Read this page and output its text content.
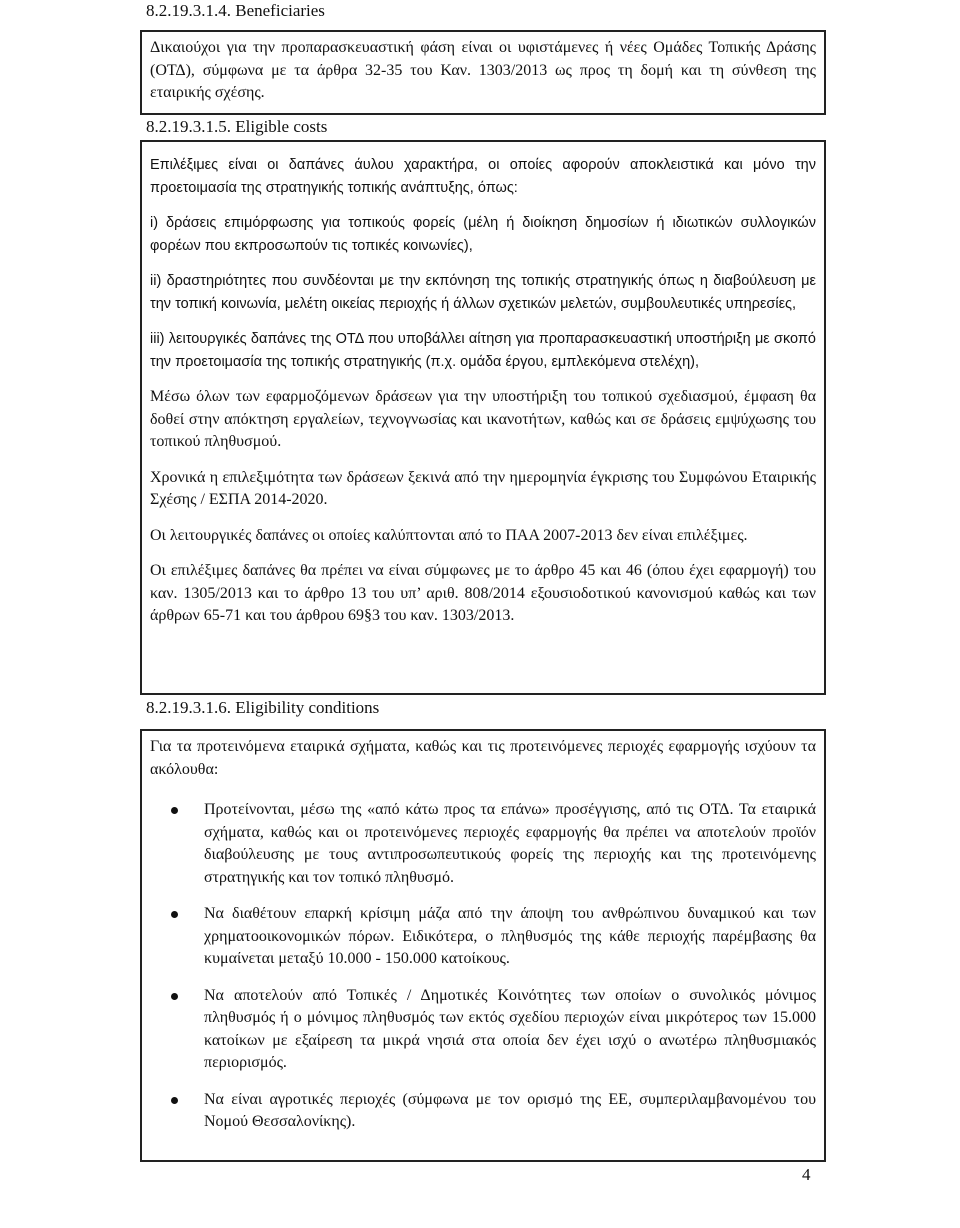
8.2.19.3.1.4. Beneficiaries

Δικαιούχοι για την προπαρασκευαστική φάση είναι οι υφιστάμενες ή νέες Ομάδες Τοπικής Δράσης (ΟΤΔ), σύμφωνα με τα άρθρα 32-35 του Καν. 1303/2013 ως προς τη δομή και τη σύνθεση της εταιρικής σχέσης.

8.2.19.3.1.5. Eligible costs

Επιλέξιμες είναι οι δαπάνες άυλου χαρακτήρα, οι οποίες αφορούν αποκλειστικά και μόνο την προετοιμασία της στρατηγικής τοπικής ανάπτυξης, όπως:

i) δράσεις επιμόρφωσης για τοπικούς φορείς (μέλη ή διοίκηση δημοσίων ή ιδιωτικών συλλογικών φορέων που εκπροσωπούν τις τοπικές κοινωνίες),

ii) δραστηριότητες που συνδέονται με την εκπόνηση της τοπικής στρατηγικής όπως η διαβούλευση με την τοπική κοινωνία, μελέτη οικείας περιοχής ή άλλων σχετικών μελετών, συμβουλευτικές υπηρεσίες,

iii) λειτουργικές δαπάνες της ΟΤΔ που υποβάλλει αίτηση για προπαρασκευαστική υποστήριξη με σκοπό την προετοιμασία της τοπικής στρατηγικής (π.χ. ομάδα έργου, εμπλεκόμενα στελέχη),

Μέσω όλων των εφαρμοζόμενων δράσεων για την υποστήριξη του τοπικού σχεδιασμού, έμφαση θα δοθεί στην απόκτηση εργαλείων, τεχνογνωσίας και ικανοτήτων, καθώς και σε δράσεις εμψύχωσης του τοπικού πληθυσμού.

Χρονικά η επιλεξιμότητα των δράσεων ξεκινά από την ημερομηνία έγκρισης του Συμφώνου Εταιρικής Σχέσης / ΕΣΠΑ 2014-2020.

Οι λειτουργικές δαπάνες οι οποίες καλύπτονται από το ΠΑΑ 2007-2013 δεν είναι επιλέξιμες.

Οι επιλέξιμες δαπάνες θα πρέπει να είναι σύμφωνες με το άρθρο 45 και 46 (όπου έχει εφαρμογή) του καν. 1305/2013 και το άρθρο 13 του υπ’ αριθ. 808/2014 εξουσιοδοτικού κανονισμού καθώς και των άρθρων 65-71 και του άρθρου 69§3 του καν. 1303/2013.

8.2.19.3.1.6. Eligibility conditions

Για τα προτεινόμενα εταιρικά σχήματα, καθώς και τις προτεινόμενες περιοχές εφαρμογής ισχύουν τα ακόλουθα:

Προτείνονται, μέσω της «από κάτω προς τα επάνω» προσέγγισης, από τις ΟΤΔ. Τα εταιρικά σχήματα, καθώς και οι προτεινόμενες περιοχές εφαρμογής θα πρέπει να αποτελούν προϊόν διαβούλευσης με τους αντιπροσωπευτικούς φορείς της περιοχής και της προτεινόμενης στρατηγικής και τον τοπικό πληθυσμό.
Να διαθέτουν επαρκή κρίσιμη μάζα από την άποψη του ανθρώπινου δυναμικού και των χρηματοοικονομικών πόρων. Ειδικότερα, ο πληθυσμός της κάθε περιοχής παρέμβασης θα κυμαίνεται μεταξύ 10.000 - 150.000 κατοίκους.
Να αποτελούν από Τοπικές / Δημοτικές Κοινότητες των οποίων ο συνολικός μόνιμος πληθυσμός ή ο μόνιμος πληθυσμός των εκτός σχεδίου περιοχών είναι μικρότερος των 15.000 κατοίκων με εξαίρεση τα μικρά νησιά στα οποία δεν έχει ισχύ ο ανωτέρω πληθυσμιακός περιορισμός.
Να είναι αγροτικές περιοχές (σύμφωνα με τον ορισμό της ΕΕ, συμπεριλαμβανομένου του Νομού Θεσσαλονίκης).
4
